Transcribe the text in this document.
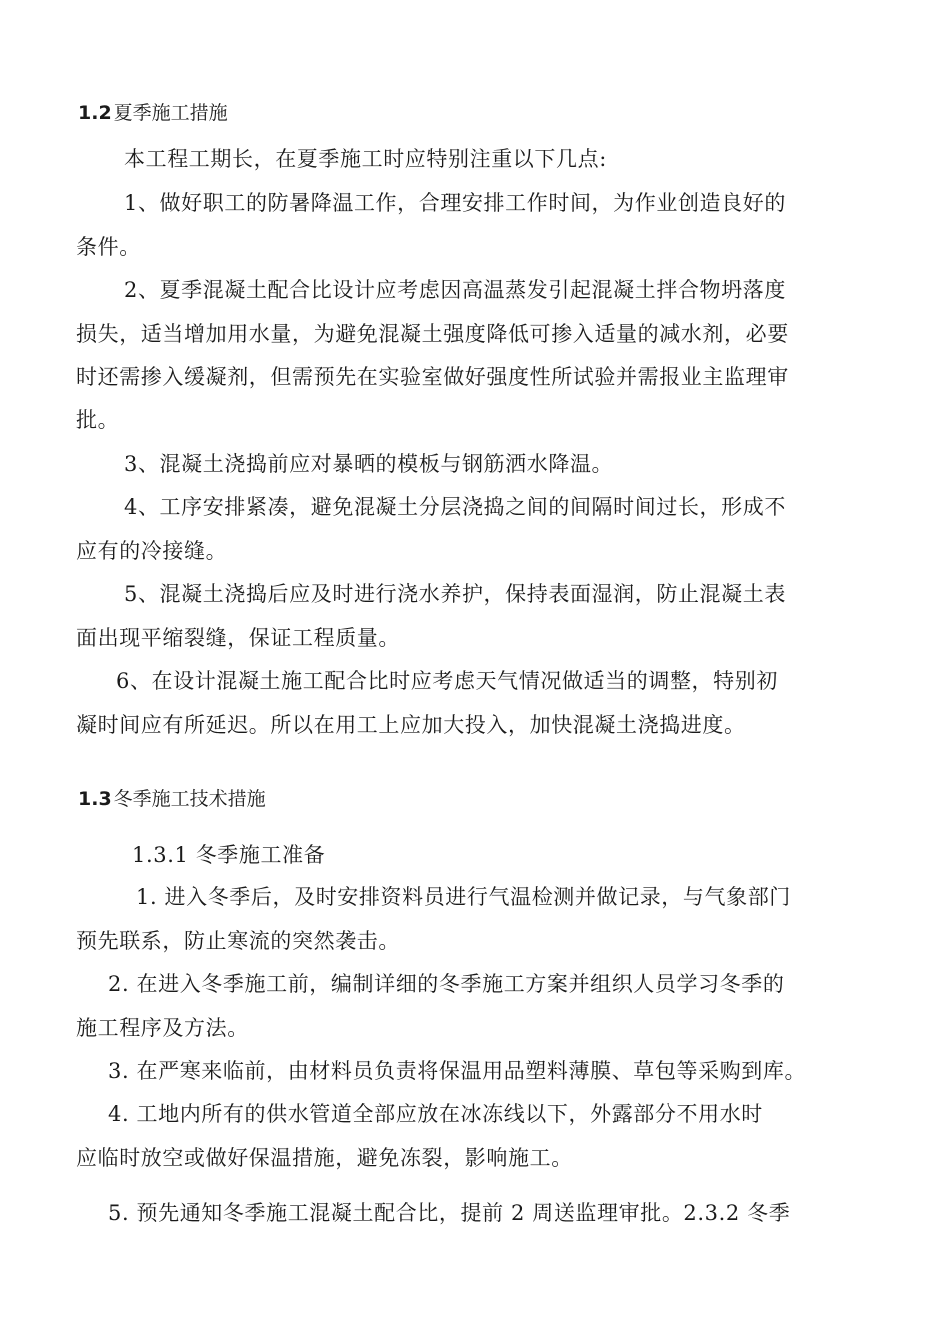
1.2 夏季施工措施
本工程工期长，在夏季施工时应特别注重以下几点:
1、做好职工的防暑降温工作，合理安排工作时间，为作业创造良好的
条件。
2、夏季混凝土配合比设计应考虑因高温蒸发引起混凝土拌合物坍落度
损失，适当增加用水量，为避免混凝土强度降低可掺入适量的减水剂，必要
时还需掺入缓凝剂，但需预先在实验室做好强度性所试验并需报业主监理审
批。
3、混凝土浇捣前应对暴晒的模板与钢筋洒水降温。
4、工序安排紧凑，避免混凝土分层浇捣之间的间隔时间过长，形成不
应有的冷接缝。
5、混凝土浇捣后应及时进行浇水养护，保持表面湿润，防止混凝土表
面出现平缩裂缝，保证工程质量。
6、在设计混凝土施工配合比时应考虑天气情况做适当的调整，特别初
凝时间应有所延迟。所以在用工上应加大投入，加快混凝土浇捣进度。
1.3 冬季施工技术措施
1.3.1 冬季施工准备
1. 进入冬季后，及时安排资料员进行气温检测并做记录，与气象部门
预先联系，防止寒流的突然袭击。
2. 在进入冬季施工前，编制详细的冬季施工方案并组织人员学习冬季的
施工程序及方法。
3. 在严寒来临前，由材料员负责将保温用品塑料薄膜、草包等采购到库。
4. 工地内所有的供水管道全部应放在冰冻线以下，外露部分不用水时
应临时放空或做好保温措施，避免冻裂，影响施工。
5. 预先通知冬季施工混凝土配合比，提前 2 周送监理审批。2.3.2 冬季
